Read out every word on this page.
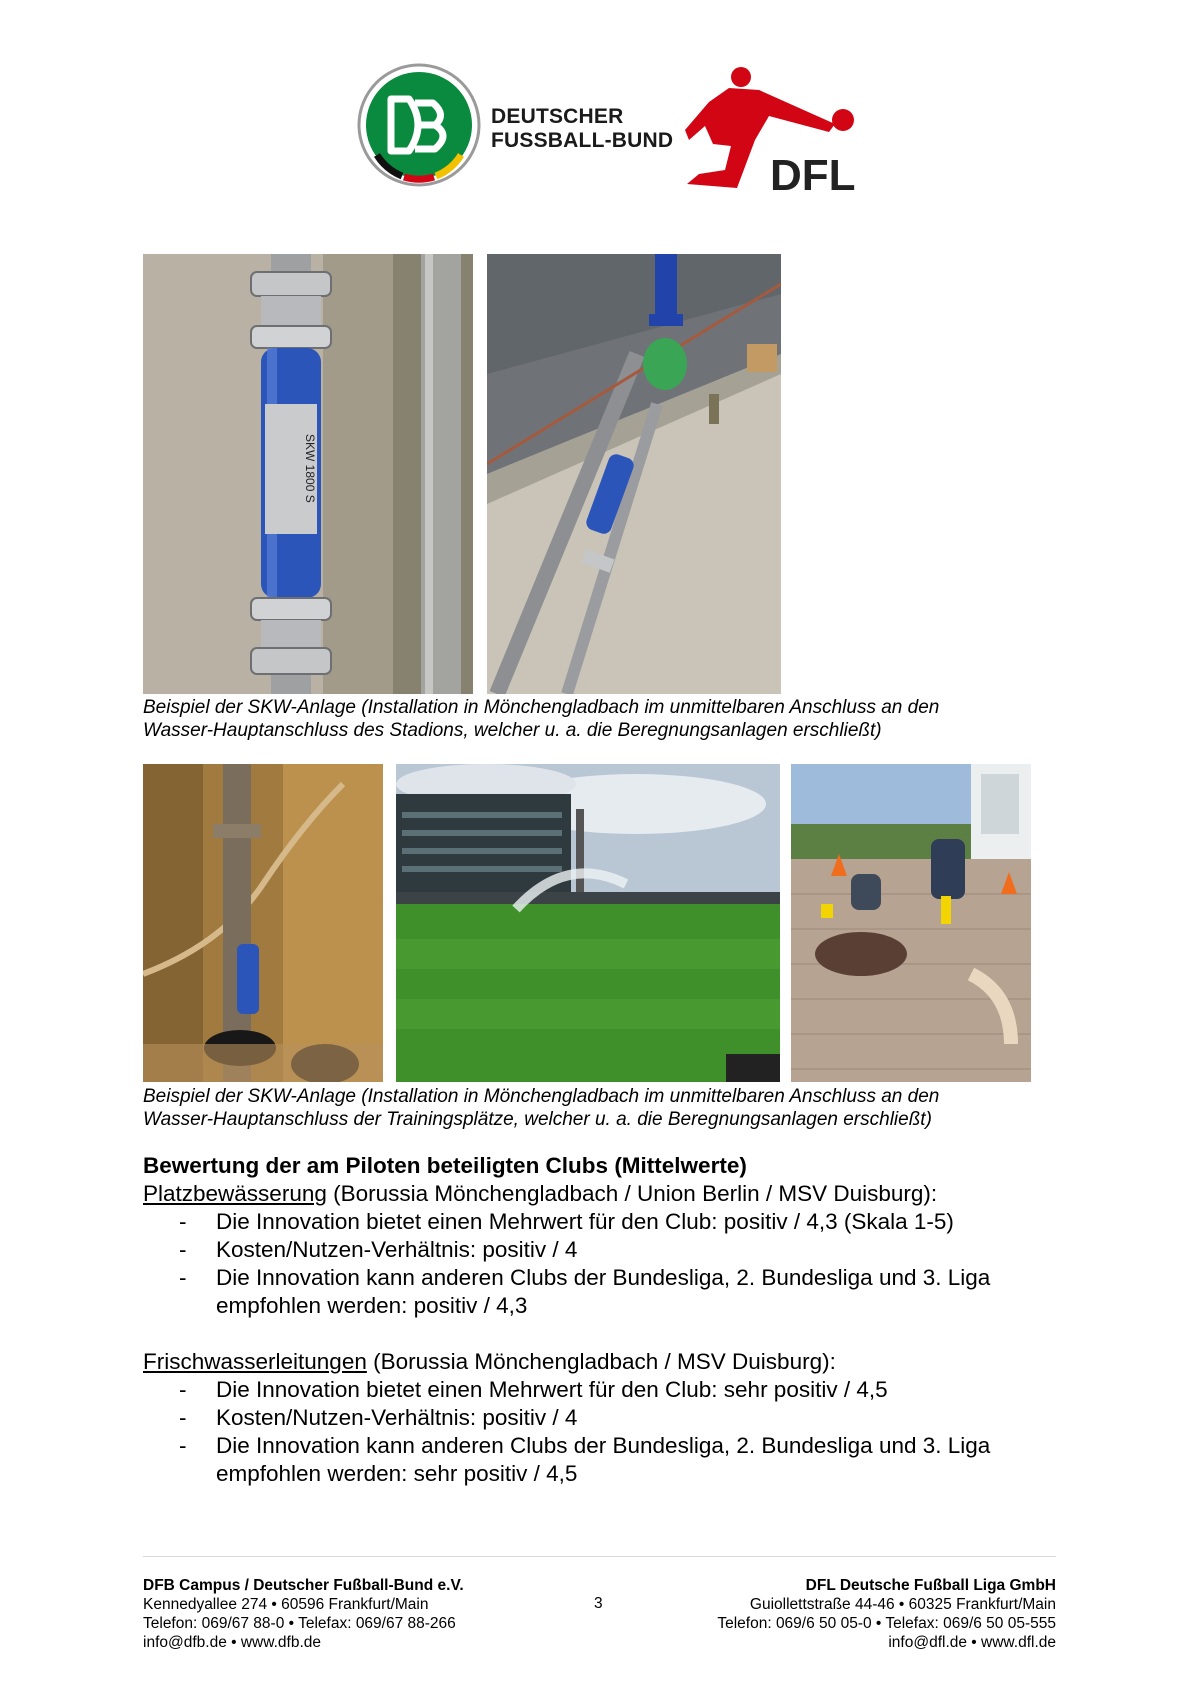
DEUTSCHER
FUSSBALL-BUND
DFL
SKW 1800 S
Beispiel der SKW-Anlage (Installation in Mönchengladbach im unmittelbaren Anschluss an den
Wasser-Hauptanschluss des Stadions, welcher u. a. die Beregnungsanlagen erschließt)
Beispiel der SKW-Anlage (Installation in Mönchengladbach im unmittelbaren Anschluss an den
Wasser-Hauptanschluss der Trainingsplätze, welcher u. a. die Beregnungsanlagen erschließt)
Bewertung der am Piloten beteiligten Clubs (Mittelwerte)
Platzbewässerung (Borussia Mönchengladbach / Union Berlin / MSV Duisburg):
- Die Innovation bietet einen Mehrwert für den Club: positiv / 4,3 (Skala 1-5)
- Kosten/Nutzen-Verhältnis: positiv / 4
- Die Innovation kann anderen Clubs der Bundesliga, 2. Bundesliga und 3. Liga
empfohlen werden: positiv / 4,3
Frischwasserleitungen (Borussia Mönchengladbach / MSV Duisburg):
- Die Innovation bietet einen Mehrwert für den Club: sehr positiv / 4,5
- Kosten/Nutzen-Verhältnis: positiv / 4
- Die Innovation kann anderen Clubs der Bundesliga, 2. Bundesliga und 3. Liga
empfohlen werden: sehr positiv / 4,5
DFB Campus / Deutscher Fußball-Bund e.V.
Kennedyallee 274 • 60596 Frankfurt/Main
Telefon: 069/67 88-0 • Telefax: 069/67 88-266
info@dfb.de • www.dfb.de
3
DFL Deutsche Fußball Liga GmbH
Guiollettstraße 44-46 • 60325 Frankfurt/Main
Telefon: 069/6 50 05-0 • Telefax: 069/6 50 05-555
info@dfl.de • www.dfl.de
